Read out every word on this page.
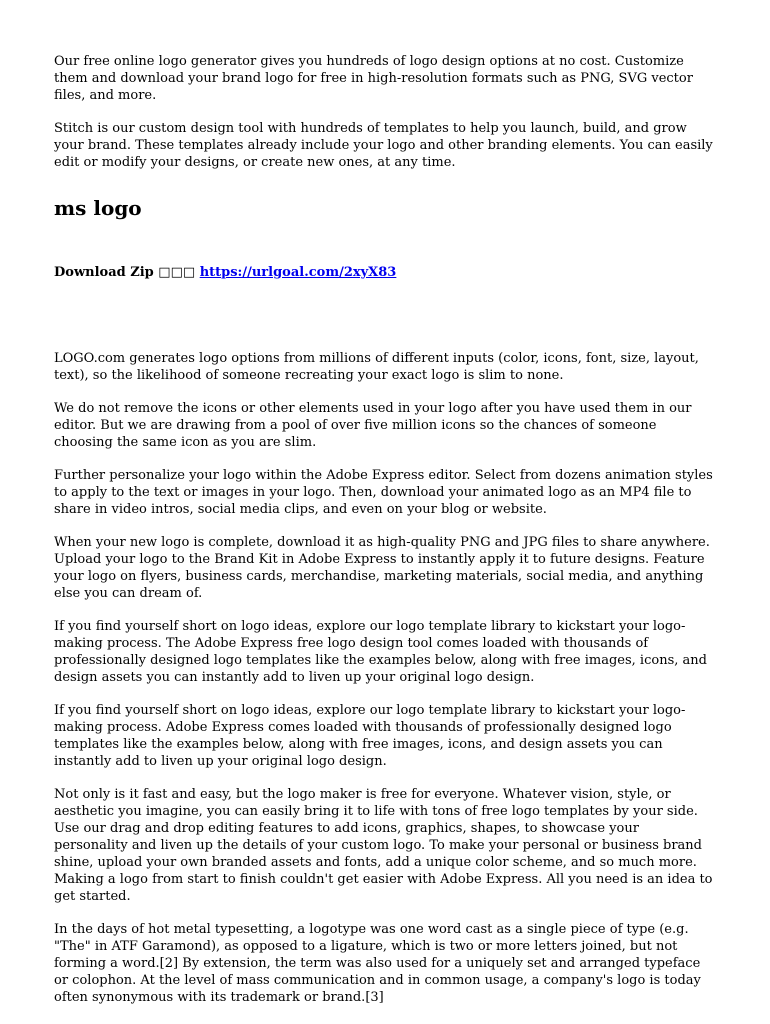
Our free online logo generator gives you hundreds of logo design options at no cost. Customize them and download your brand logo for free in high-resolution formats such as PNG, SVG vector files, and more.

Stitch is our custom design tool with hundreds of templates to help you launch, build, and grow your brand. These templates already include your logo and other branding elements. You can easily edit or modify your designs, or create new ones, at any time.

ms logo
Download Zip □□□ https://urlgoal.com/2xyX83

LOGO.com generates logo options from millions of different inputs (color, icons, font, size, layout, text), so the likelihood of someone recreating your exact logo is slim to none.

We do not remove the icons or other elements used in your logo after you have used them in our editor. But we are drawing from a pool of over five million icons so the chances of someone choosing the same icon as you are slim.

Further personalize your logo within the Adobe Express editor. Select from dozens animation styles to apply to the text or images in your logo. Then, download your animated logo as an MP4 file to share in video intros, social media clips, and even on your blog or website.

When your new logo is complete, download it as high-quality PNG and JPG files to share anywhere. Upload your logo to the Brand Kit in Adobe Express to instantly apply it to future designs. Feature your logo on flyers, business cards, merchandise, marketing materials, social media, and anything else you can dream of.

If you find yourself short on logo ideas, explore our logo template library to kickstart your logo-making process. The Adobe Express free logo design tool comes loaded with thousands of professionally designed logo templates like the examples below, along with free images, icons, and design assets you can instantly add to liven up your original logo design.

If you find yourself short on logo ideas, explore our logo template library to kickstart your logo-making process. Adobe Express comes loaded with thousands of professionally designed logo templates like the examples below, along with free images, icons, and design assets you can instantly add to liven up your original logo design.

Not only is it fast and easy, but the logo maker is free for everyone. Whatever vision, style, or aesthetic you imagine, you can easily bring it to life with tons of free logo templates by your side. Use our drag and drop editing features to add icons, graphics, shapes, to showcase your personality and liven up the details of your custom logo. To make your personal or business brand shine, upload your own branded assets and fonts, add a unique color scheme, and so much more. Making a logo from start to finish couldn't get easier with Adobe Express. All you need is an idea to get started.

In the days of hot metal typesetting, a logotype was one word cast as a single piece of type (e.g. "The" in ATF Garamond), as opposed to a ligature, which is two or more letters joined, but not forming a word.[2] By extension, the term was also used for a uniquely set and arranged typeface or colophon. At the level of mass communication and in common usage, a company's logo is today often synonymous with its trademark or brand.[3]
